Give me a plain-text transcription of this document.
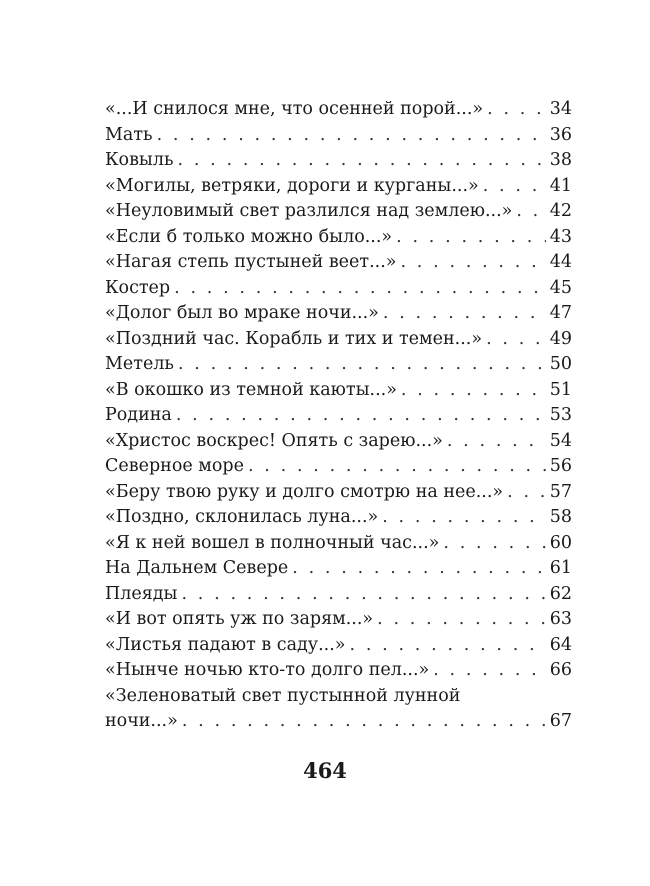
«...И снилося мне, что осенней порой...» . . .	34
Мать . . .	36
Ковыль . . .	38
«Могилы, ветряки, дороги и курганы...» . . .	41
«Неуловимый свет разлился над землею...» . . . 42
«Если б только можно было...» . . .	43
«Нагая степь пустыней веет...» . . .	44
Костер . . .	45
«Долог был во мраке ночи...» . . .	47
«Поздний час. Корабль и тих и темен...» . . .	49
Метель . . .	50
«В окошко из темной каюты...» . . .	51
Родина . . .	53
«Христос воскрес! Опять с зарею...» . . .	54
Северное море . . .	56
«Беру твою руку и долго смотрю на нее...» . . .	57
«Поздно, склонилась луна...» . . .	58
«Я к ней вошел в полночный час...» . . .	60
На Дальнем Севере . . .	61
Плеяды . . .	62
«И вот опять уж по зарям...» . . .	63
«Листья падают в саду...» . . .	64
«Нынче ночью кто-то долго пел...» . . .	66
«Зеленоватый свет пустынной лунной
ночи...» . . .	67
464
